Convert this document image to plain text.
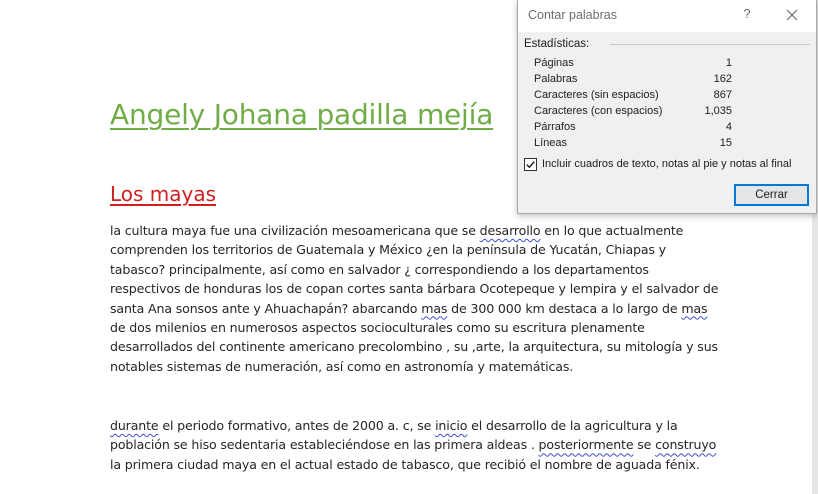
Angely Johana padilla mejía
Los mayas
la cultura maya fue una civilización mesoamericana que se desarrollo en lo que actualmente
comprenden los territorios de Guatemala y México ¿en la península de Yucatán, Chiapas y
tabasco? principalmente, así como en salvador ¿ correspondiendo a los departamentos
respectivos de honduras los de copan cortes santa bárbara Ocotepeque y lempira y el salvador de
santa Ana sonsos ante y Ahuachapán? abarcando mas de 300 000 km destaca a lo largo de mas
de dos milenios en numerosos aspectos socioculturales como su escritura plenamente
desarrollados del continente americano precolombino , su ,arte, la arquitectura, su mitología y sus
notables sistemas de numeración, así como en astronomía y matemáticas.
durante el periodo formativo, antes de 2000 a. c, se inicio el desarrollo de la agricultura y la
población se hiso sedentaria estableciéndose en las primera aldeas . posteriormente se construyo
la primera ciudad maya en el actual estado de tabasco, que recibió el nombre de aguada fénix.
Contar palabras	?
Estadísticas:
Páginas	1
Palabras	162
Caracteres (sin espacios)	867
Caracteres (con espacios)	1,035
Párrafos	4
Líneas	15
Incluir cuadros de texto, notas al pie y notas al final
Cerrar
